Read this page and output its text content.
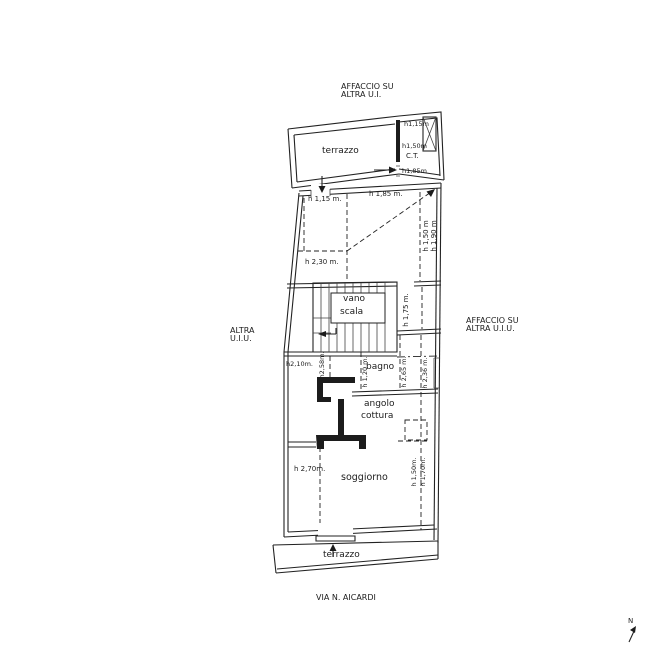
AFFACCIO SU
ALTRA U.I.
terrazzo
h1,15m
h1,50m
C.T.
h1,85m
h 1,15 m.
h 1,85 m.
h 2,30 m.
h 1,50 m h 1,90 m
vano
scala	h 1,75 m.
ALTRA
U.I.U.
AFFACCIO SU
ALTRA U.I.U.
h2,10m. h2,58m.	bagno
h 1,20 m.	h 2,65 m. h 2,36 m.
angolo
cottura
h 2,70m.
soggiorno	h 1,50m. h 1,70m.
terrazzo
VIA N. AICARDI
N
